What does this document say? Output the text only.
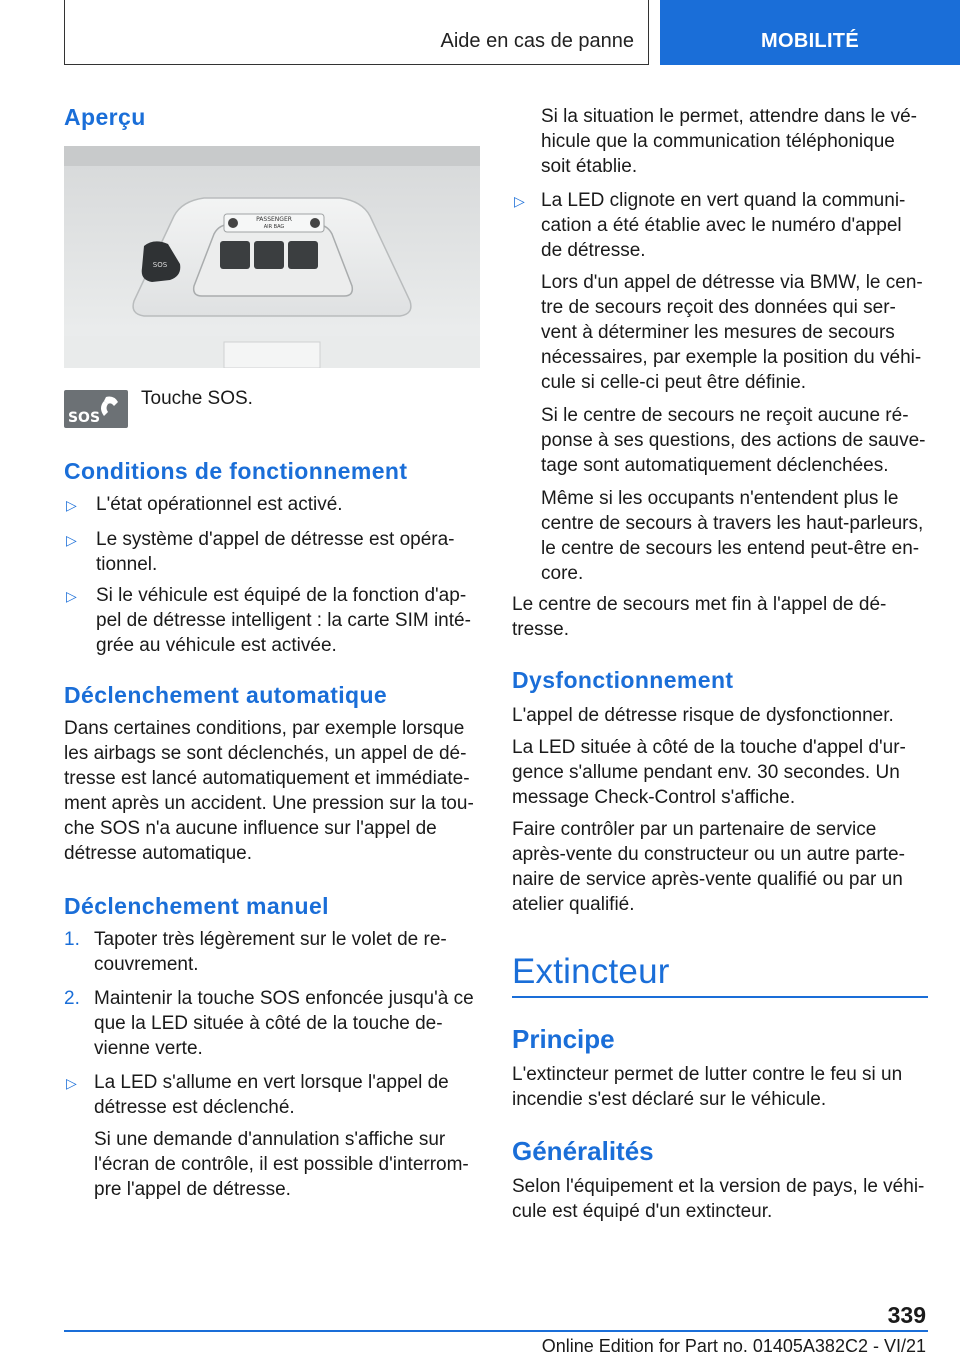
Aide en cas de panne	MOBILITÉ
Aperçu
PASSENGER
AIR BAG
SOS
SOS
Touche SOS.
Conditions de fonctionnement
▷ L'état opérationnel est activé.
▷ Le système d'appel de détresse est opéra-
tionnel.
▷ Si le véhicule est équipé de la fonction d'ap-
pel de détresse intelligent : la carte SIM inté-
grée au véhicule est activée.
Déclenchement automatique
Dans certaines conditions, par exemple lorsque
les airbags se sont déclenchés, un appel de dé-
tresse est lancé automatiquement et immédiate-
ment après un accident. Une pression sur la tou-
che SOS n'a aucune influence sur l'appel de
détresse automatique.
Déclenchement manuel
1. Tapoter très légèrement sur le volet de re-
couvrement.
2. Maintenir la touche SOS enfoncée jusqu'à ce
que la LED située à côté de la touche de-
vienne verte.
▷ La LED s'allume en vert lorsque l'appel de
détresse est déclenché.
Si une demande d'annulation s'affiche sur
l'écran de contrôle, il est possible d'interrom-
pre l'appel de détresse.
Si la situation le permet, attendre dans le vé-
hicule que la communication téléphonique
soit établie.
▷ La LED clignote en vert quand la communi-
cation a été établie avec le numéro d'appel
de détresse.
Lors d'un appel de détresse via BMW, le cen-
tre de secours reçoit des données qui ser-
vent à déterminer les mesures de secours
nécessaires, par exemple la position du véhi-
cule si celle-ci peut être définie.
Si le centre de secours ne reçoit aucune ré-
ponse à ses questions, des actions de sauve-
tage sont automatiquement déclenchées.
Même si les occupants n'entendent plus le
centre de secours à travers les haut-parleurs,
le centre de secours les entend peut-être en-
core.
Le centre de secours met fin à l'appel de dé-
tresse.
Dysfonctionnement
L'appel de détresse risque de dysfonctionner.
La LED située à côté de la touche d'appel d'ur-
gence s'allume pendant env. 30 secondes. Un
message Check-Control s'affiche.
Faire contrôler par un partenaire de service
après-vente du constructeur ou un autre parte-
naire de service après-vente qualifié ou par un
atelier qualifié.
Extincteur
Principe
L'extincteur permet de lutter contre le feu si un
incendie s'est déclaré sur le véhicule.
Généralités
Selon l'équipement et la version de pays, le véhi-
cule est équipé d'un extincteur.
339
Online Edition for Part no. 01405A382C2 - VI/21
